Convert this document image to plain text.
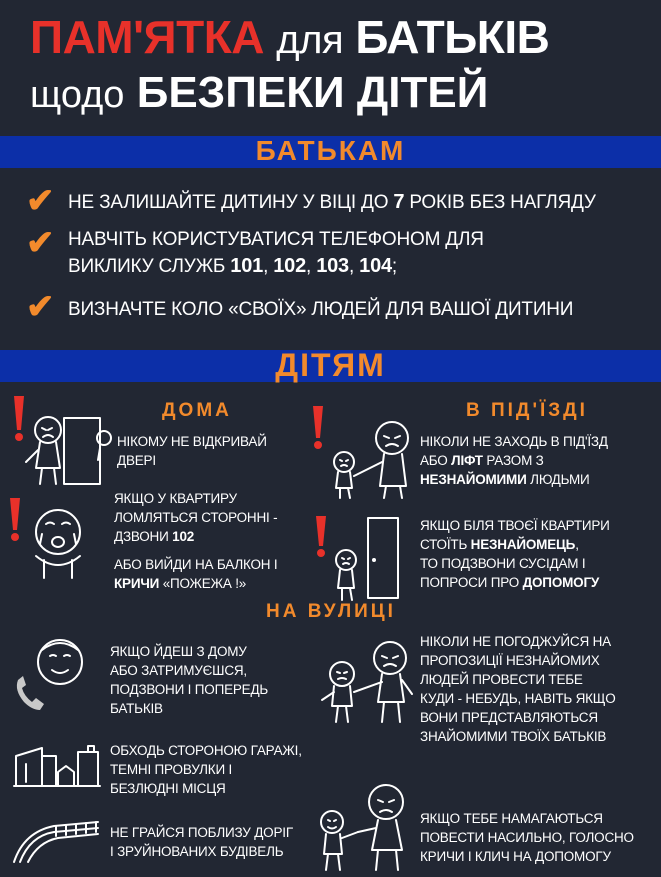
ПАМ'ЯТКА для БАТЬКІВ
щодо БЕЗПЕКИ ДІТЕЙ
БАТЬКАМ
✔ НЕ ЗАЛИШАЙТЕ ДИТИНУ У ВІЦІ ДО 7 РОКІВ БЕЗ НАГЛЯДУ
✔ НАВЧІТЬ КОРИСТУВАТИСЯ ТЕЛЕФОНОМ ДЛЯ
ВИКЛИКУ СЛУЖБ 101, 102, 103, 104;
✔ ВИЗНАЧТЕ КОЛО «СВОЇХ» ЛЮДЕЙ ДЛЯ ВАШОЇ ДИТИНИ
ДІТЯМ
ДОМА
НІКОМУ НЕ ВІДКРИВАЙ
ДВЕРІ
ЯКЩО У КВАРТИРУ
ЛОМЛЯТЬСЯ СТОРОННІ -
ДЗВОНИ 102
АБО ВИЙДИ НА БАЛКОН І
КРИЧИ «ПОЖЕЖА !»
В ПІД'ЇЗДІ
НІКОЛИ НЕ ЗАХОДЬ В ПІД'ЇЗД
АБО ЛІФТ РАЗОМ З
НЕЗНАЙОМИМИ ЛЮДЬМИ
ЯКЩО БІЛЯ ТВОЄЇ КВАРТИРИ
СТОЇТЬ НЕЗНАЙОМЕЦЬ,
ТО ПОДЗВОНИ СУСІДАМ І
ПОПРОСИ ПРО ДОПОМОГУ
НА ВУЛИЦІ
ЯКЩО ЙДЕШ З ДОМУ
АБО ЗАТРИМУЄШСЯ,
ПОДЗВОНИ І ПОПЕРЕДЬ
БАТЬКІВ
ОБХОДЬ СТОРОНОЮ ГАРАЖІ,
ТЕМНІ ПРОВУЛКИ І
БЕЗЛЮДНІ МІСЦЯ
НЕ ГРАЙСЯ ПОБЛИЗУ ДОРІГ
І ЗРУЙНОВАНИХ БУДІВЕЛЬ
НІКОЛИ НЕ ПОГОДЖУЙСЯ НА
ПРОПОЗИЦІЇ НЕЗНАЙОМИХ
ЛЮДЕЙ ПРОВЕСТИ ТЕБЕ
КУДИ - НЕБУДЬ, НАВІТЬ ЯКЩО
ВОНИ ПРЕДСТАВЛЯЮТЬСЯ
ЗНАЙОМИМИ ТВОЇХ БАТЬКІВ
ЯКЩО ТЕБЕ НАМАГАЮТЬСЯ
ПОВЕСТИ НАСИЛЬНО, ГОЛОСНО
КРИЧИ І КЛИЧ НА ДОПОМОГУ
